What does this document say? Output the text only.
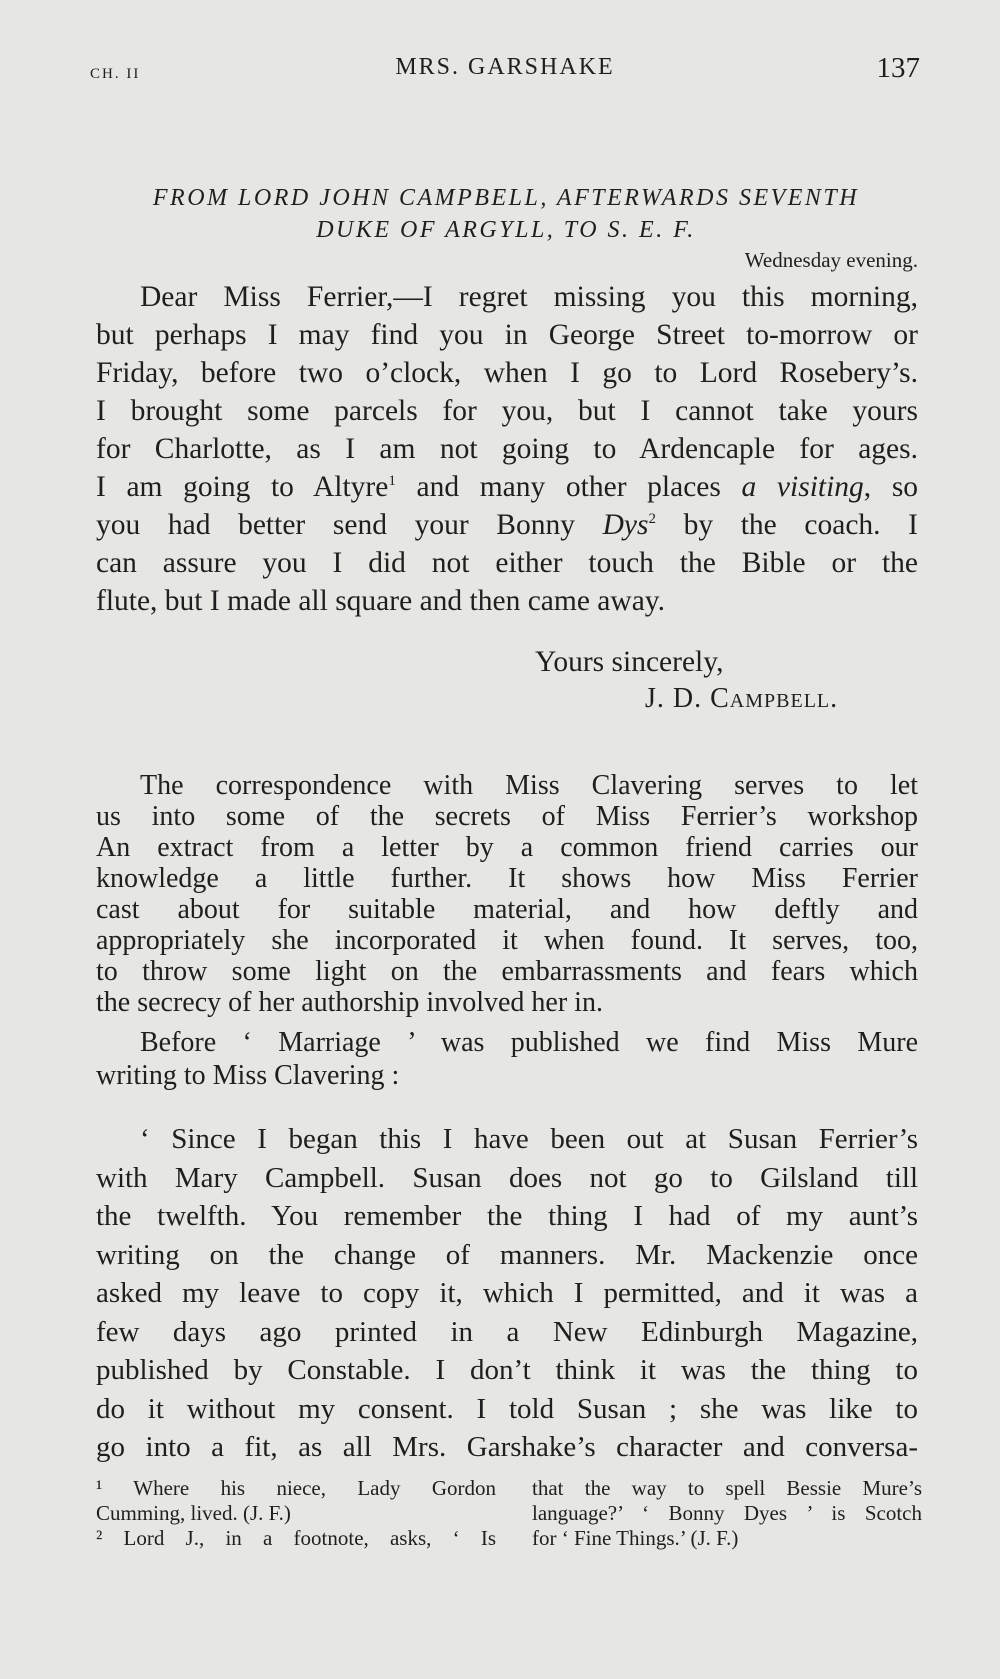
CH. II	MRS. GARSHAKE	137
FROM LORD JOHN CAMPBELL, AFTERWARDS SEVENTH
DUKE OF ARGYLL, TO S. E. F.
Wednesday evening.
Dear Miss Ferrier,—I regret missing you this morning,
but perhaps I may find you in George Street to-morrow or
Friday, before two o’clock, when I go to Lord Rosebery’s.
I brought some parcels for you, but I cannot take yours
for Charlotte, as I am not going to Ardencaple for ages.
I am going to Altyre$^1$ and many other places a visiting, so
you had better send your Bonny Dys$^2$ by the coach. I
can assure you I did not either touch the Bible or the
flute, but I made all square and then came away.
Yours sincerely,
J. D. Campbell.
The correspondence with Miss Clavering serves to let
us into some of the secrets of Miss Ferrier’s workshop
An extract from a letter by a common friend carries our
knowledge a little further. It shows how Miss Ferrier
cast about for suitable material, and how deftly and
appropriately she incorporated it when found. It serves, too,
to throw some light on the embarrassments and fears which
the secrecy of her authorship involved her in.
Before ‘ Marriage ’ was published we find Miss Mure
writing to Miss Clavering :
‘ Since I began this I have been out at Susan Ferrier’s
with Mary Campbell. Susan does not go to Gilsland till
the twelfth. You remember the thing I had of my aunt’s
writing on the change of manners. Mr. Mackenzie once
asked my leave to copy it, which I permitted, and it was a
few days ago printed in a New Edinburgh Magazine,
published by Constable. I don’t think it was the thing to
do it without my consent. I told Susan ; she was like to
go into a fit, as all Mrs. Garshake’s character and conversa-
¹ Where his niece, Lady Gordon
Cumming, lived. (J. F.)
² Lord J., in a footnote, asks, ‘ Is
that the way to spell Bessie Mure’s
language?’ ‘ Bonny Dyes ’ is Scotch
for ‘ Fine Things.’ (J. F.)
